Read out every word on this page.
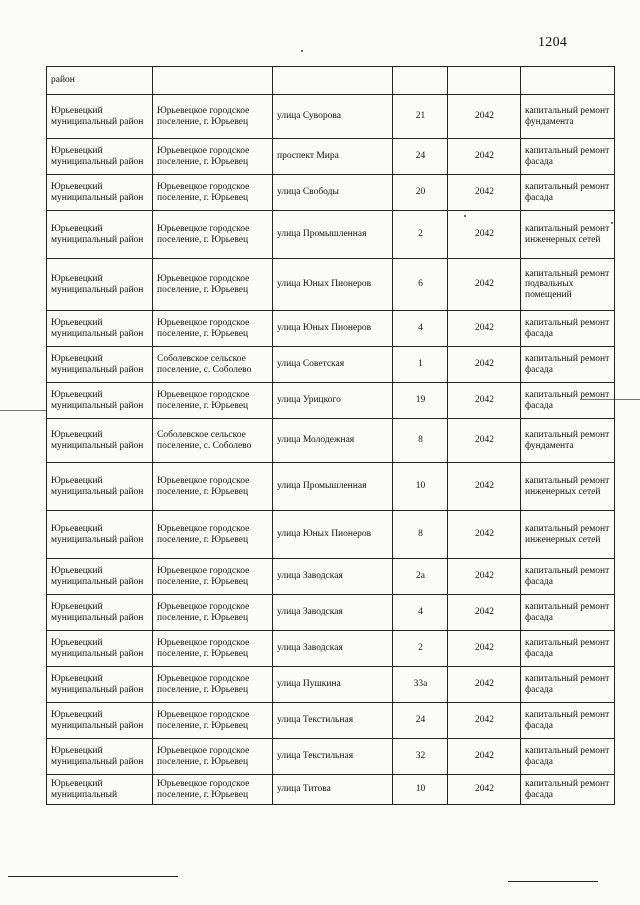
1204
район					
Юрьевецкий муниципальный район	Юрьевецкое городское поселение, г. Юрьевец	улица Суворова	21	2042	капитальный ремонт фундамента
Юрьевецкий муниципальный район	Юрьевецкое городское поселение, г. Юрьевец	проспект Мира	24	2042	капитальный ремонт фасада
Юрьевецкий муниципальный район	Юрьевецкое городское поселение, г. Юрьевец	улица Свободы	20	2042	капитальный ремонт фасада
Юрьевецкий муниципальный район	Юрьевецкое городское поселение, г. Юрьевец	улица Промышленная	2	2042	капитальный ремонт инженерных сетей
Юрьевецкий муниципальный район	Юрьевецкое городское поселение, г. Юрьевец	улица Юных Пионеров	6	2042	капитальный ремонт подвальных помещений
Юрьевецкий муниципальный район	Юрьевецкое городское поселение, г. Юрьевец	улица Юных Пионеров	4	2042	капитальный ремонт фасада
Юрьевецкий муниципальный район	Соболевское сельское поселение, с. Соболево	улица Советская	1	2042	капитальный ремонт фасада
Юрьевецкий муниципальный район	Юрьевецкое городское поселение, г. Юрьевец	улица Урицкого	19	2042	капитальный ремонт фасада
Юрьевецкий муниципальный район	Соболевское сельское поселение, с. Соболево	улица Молодежная	8	2042	капитальный ремонт фундамента
Юрьевецкий муниципальный район	Юрьевецкое городское поселение, г. Юрьевец	улица Промышленная	10	2042	капитальный ремонт инженерных сетей
Юрьевецкий муниципальный район	Юрьевецкое городское поселение, г. Юрьевец	улица Юных Пионеров	8	2042	капитальный ремонт инженерных сетей
Юрьевецкий муниципальный район	Юрьевецкое городское поселение, г. Юрьевец	улица Заводская	2а	2042	капитальный ремонт фасада
Юрьевецкий муниципальный район	Юрьевецкое городское поселение, г. Юрьевец	улица Заводская	4	2042	капитальный ремонт фасада
Юрьевецкий муниципальный район	Юрьевецкое городское поселение, г. Юрьевец	улица Заводская	2	2042	капитальный ремонт фасада
Юрьевецкий муниципальный район	Юрьевецкое городское поселение, г. Юрьевец	улица Пушкина	33а	2042	капитальный ремонт фасада
Юрьевецкий муниципальный район	Юрьевецкое городское поселение, г. Юрьевец	улица Текстильная	24	2042	капитальный ремонт фасада
Юрьевецкий муниципальный район	Юрьевецкое городское поселение, г. Юрьевец	улица Текстильная	32	2042	капитальный ремонт фасада
Юрьевецкий муниципальный	Юрьевецкое городское поселение, г. Юрьевец	улица Титова	10	2042	капитальный ремонт фасада
